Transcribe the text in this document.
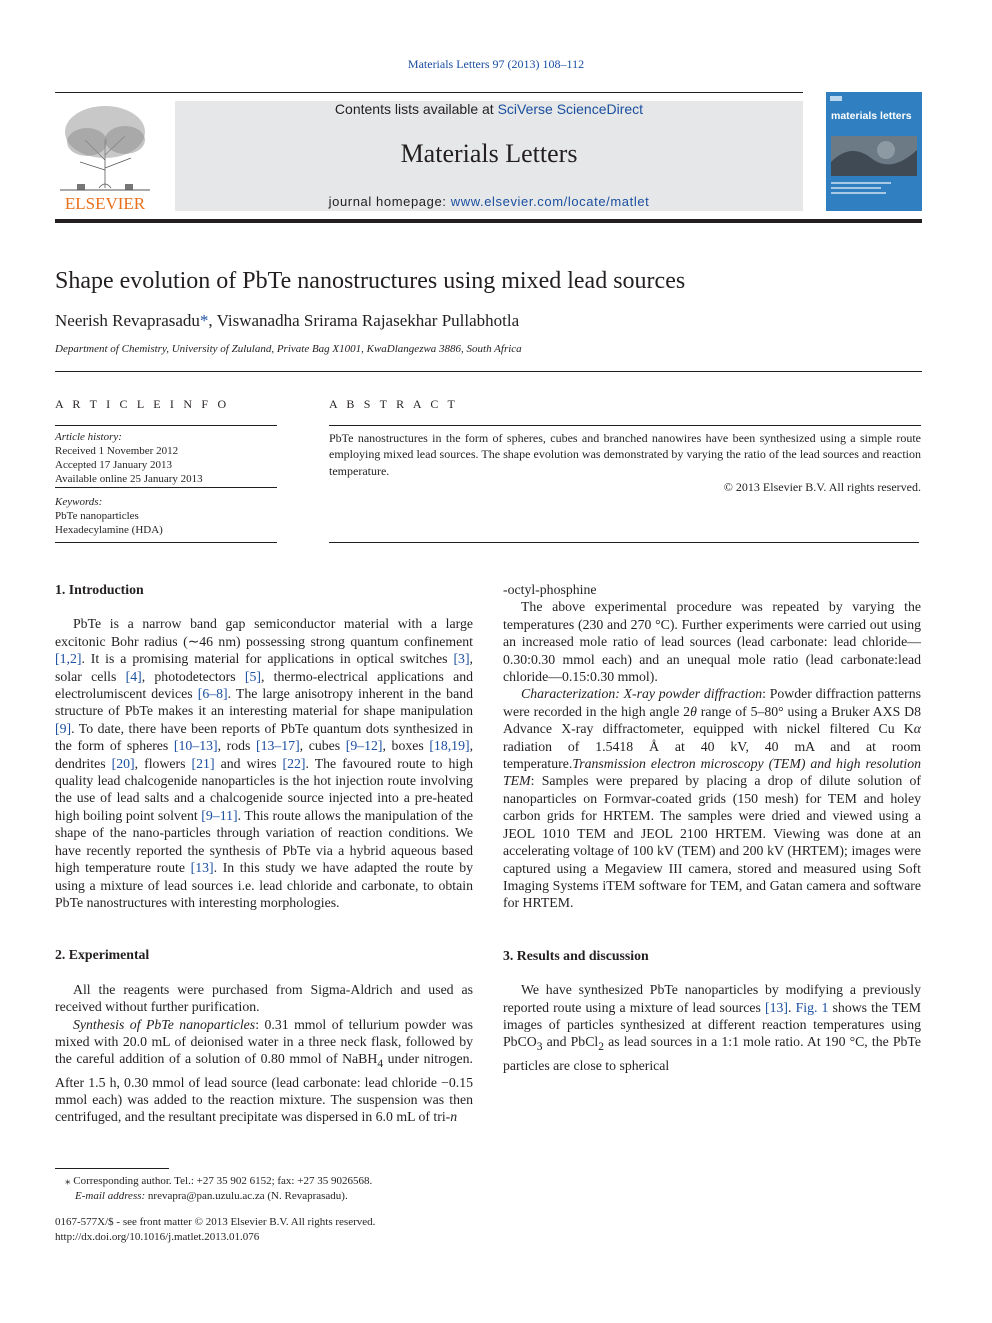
Materials Letters 97 (2013) 108–112
ELSEVIER
Contents lists available at SciVerse ScienceDirect
Materials Letters
journal homepage: www.elsevier.com/locate/matlet
materials letters
Shape evolution of PbTe nanostructures using mixed lead sources
Neerish Revaprasadu*, Viswanadha Srirama Rajasekhar Pullabhotla
Department of Chemistry, University of Zululand, Private Bag X1001, KwaDlangezwa 3886, South Africa
A R T I C L E I N F O	A B S T R A C T
Article history:
Received 1 November 2012
Accepted 17 January 2013
Available online 25 January 2013
Keywords:
PbTe nanoparticles
Hexadecylamine (HDA)

PbTe nanostructures in the form of spheres, cubes and branched nanowires have been synthesized using a simple route employing mixed lead sources. The shape evolution was demonstrated by varying the ratio of the lead sources and reaction temperature.

© 2013 Elsevier B.V. All rights reserved.
1. Introduction

PbTe is a narrow band gap semiconductor material with a large excitonic Bohr radius (∼46 nm) possessing strong quantum confinement [1,2]. It is a promising material for applications in optical switches [3], solar cells [4], photodetectors [5], thermo-electrical applications and electrolumiscent devices [6–8]. The large anisotropy inherent in the band structure of PbTe makes it an interesting material for shape manipulation [9]. To date, there have been reports of PbTe quantum dots synthesized in the form of spheres [10–13], rods [13–17], cubes [9–12], boxes [18,19], dendrites [20], flowers [21] and wires [22]. The favoured route to high quality lead chalcogenide nanoparticles is the hot injection route involving the use of lead salts and a chalcogenide source injected into a pre-heated high boiling point solvent [9–11]. This route allows the manipulation of the shape of the nano-particles through variation of reaction conditions. We have recently reported the synthesis of PbTe via a hybrid aqueous based high temperature route [13]. In this study we have adapted the route by using a mixture of lead sources i.e. lead chloride and carbonate, to obtain PbTe nanostructures with interesting morphologies.

2. Experimental

All the reagents were purchased from Sigma-Aldrich and used as received without further purification.

Synthesis of PbTe nanoparticles: 0.31 mmol of tellurium powder was mixed with 20.0 mL of deionised water in a three neck flask, followed by the careful addition of a solution of 0.80 mmol of NaBH$_4$ under nitrogen. After 1.5 h, 0.30 mmol of lead source (lead carbonate: lead chloride −0.15 mmol each) was added to the reaction mixture. The suspension was then centrifuged, and the resultant precipitate was dispersed in 6.0 mL of tri-n

⁎ Corresponding author. Tel.: +27 35 902 6152; fax: +27 35 9026568.
E-mail address: nrevapra@pan.uzulu.ac.za (N. Revaprasadu).
0167-577X/$ - see front matter © 2013 Elsevier B.V. All rights reserved.
http://dx.doi.org/10.1016/j.matlet.2013.01.076

-octyl-phosphine

The above experimental procedure was repeated by varying the temperatures (230 and 270 °C). Further experiments were carried out using an increased mole ratio of lead sources (lead carbonate: lead chloride—0.30:0.30 mmol each) and an unequal mole ratio (lead carbonate:lead chloride—0.15:0.30 mmol).

Characterization: X-ray powder diffraction: Powder diffraction patterns were recorded in the high angle 2θ range of 5–80° using a Bruker AXS D8 Advance X-ray diffractometer, equipped with nickel filtered Cu Kα radiation of 1.5418 Å at 40 kV, 40 mA and at room temperature.Transmission electron microscopy (TEM) and high resolution TEM: Samples were prepared by placing a drop of dilute solution of nanoparticles on Formvar-coated grids (150 mesh) for TEM and holey carbon grids for HRTEM. The samples were dried and viewed using a JEOL 1010 TEM and JEOL 2100 HRTEM. Viewing was done at an accelerating voltage of 100 kV (TEM) and 200 kV (HRTEM); images were captured using a Megaview III camera, stored and measured using Soft Imaging Systems iTEM software for TEM, and Gatan camera and software for HRTEM.

3. Results and discussion

We have synthesized PbTe nanoparticles by modifying a previously reported route using a mixture of lead sources [13]. Fig. 1 shows the TEM images of particles synthesized at different reaction temperatures using PbCO$_3$ and PbCl$_2$ as lead sources in a 1:1 mole ratio. At 190 °C, the PbTe particles are close to spherical
